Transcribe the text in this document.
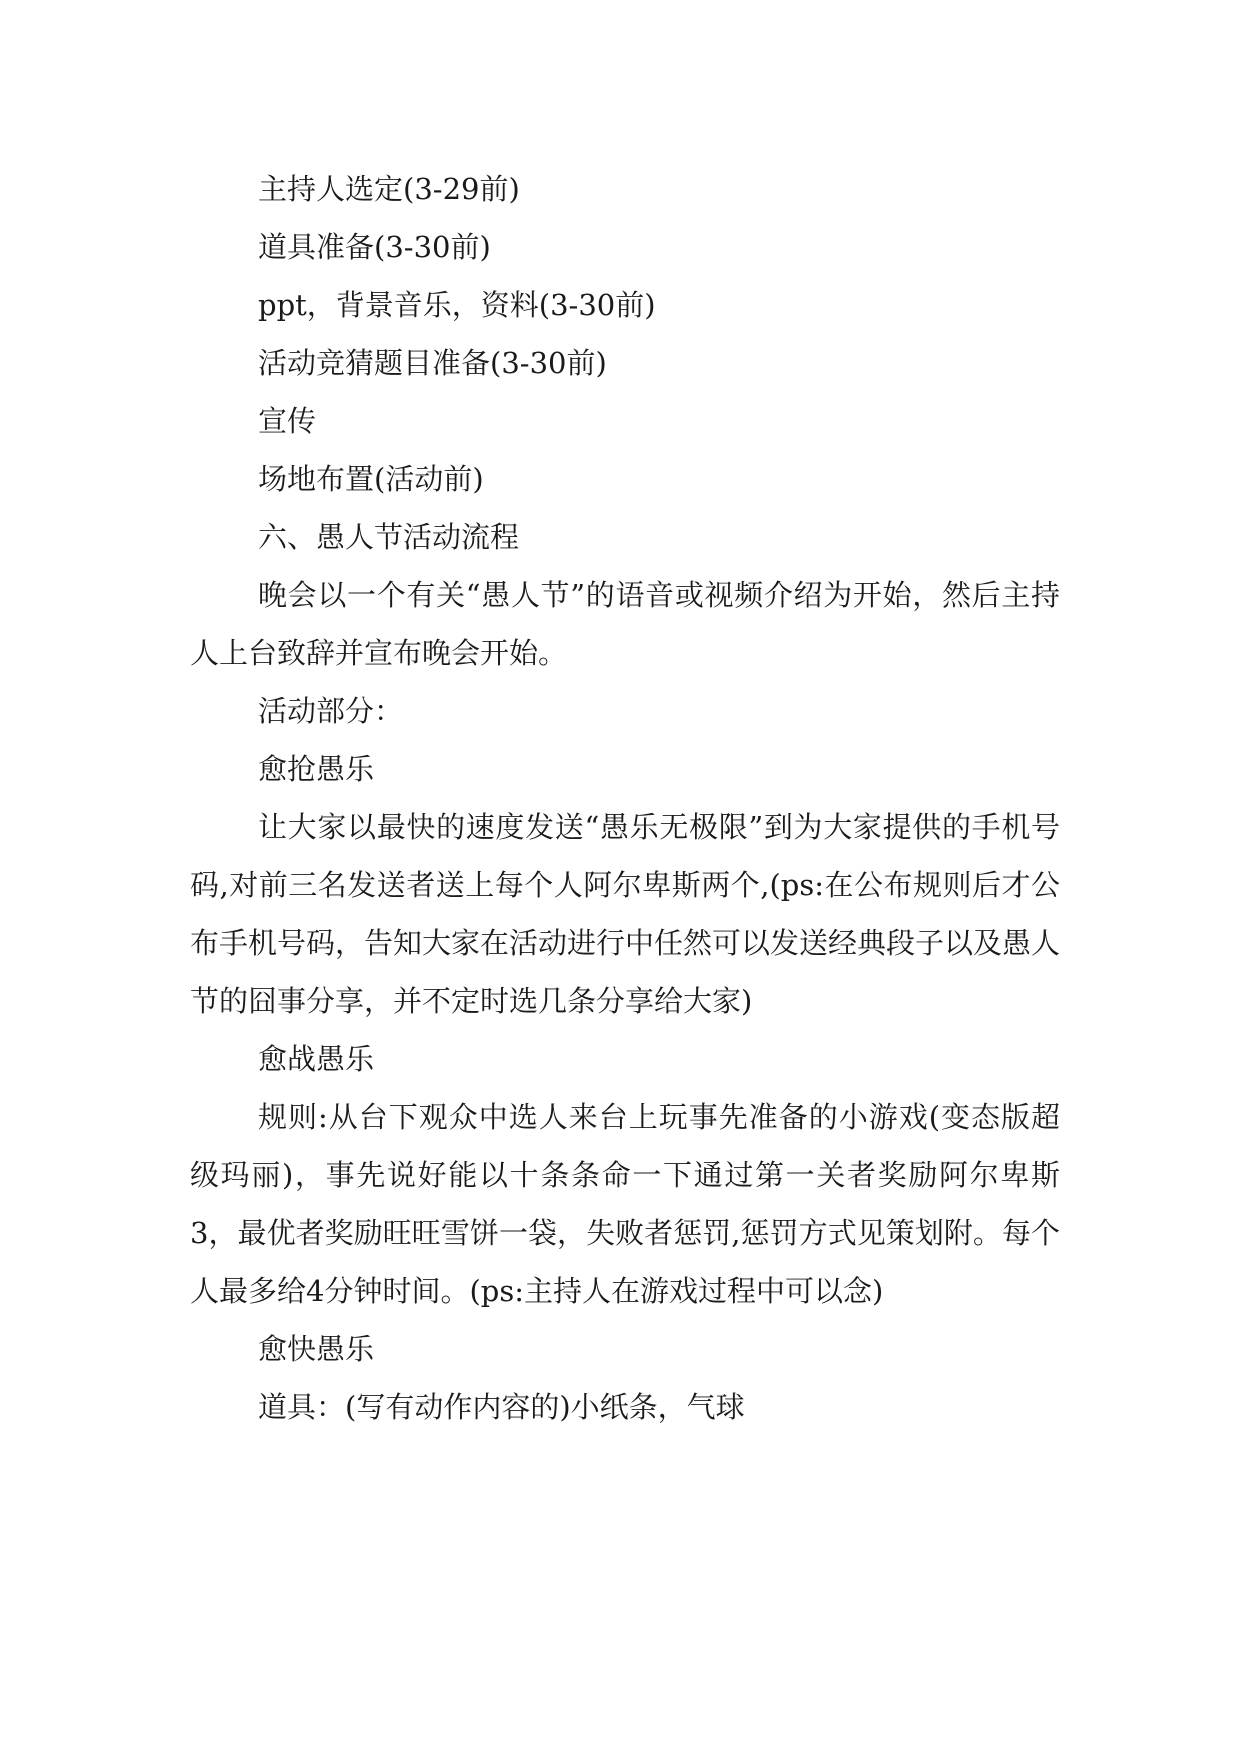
主持人选定(3-29前)
道具准备(3-30前)
ppt，背景音乐，资料(3-30前)
活动竞猜题目准备(3-30前)
宣传
场地布置(活动前)
六、愚人节活动流程

晚会以一个有关“愚人节”的语音或视频介绍为开始，然后主持人上台致辞并宣布晚会开始。

活动部分：
愈抢愚乐

让大家以最快的速度发送“愚乐无极限”到为大家提供的手机号码,对前三名发送者送上每个人阿尔卑斯两个,(ps:在公布规则后才公布手机号码，告知大家在活动进行中任然可以发送经典段子以及愚人节的囧事分享，并不定时选几条分享给大家)

愈战愚乐

规则:从台下观众中选人来台上玩事先准备的小游戏(变态版超级玛丽)，事先说好能以十条条命一下通过第一关者奖励阿尔卑斯3，最优者奖励旺旺雪饼一袋，失败者惩罚,惩罚方式见策划附。每个人最多给4分钟时间。(ps:主持人在游戏过程中可以念)

愈快愚乐
道具：(写有动作内容的)小纸条，气球
